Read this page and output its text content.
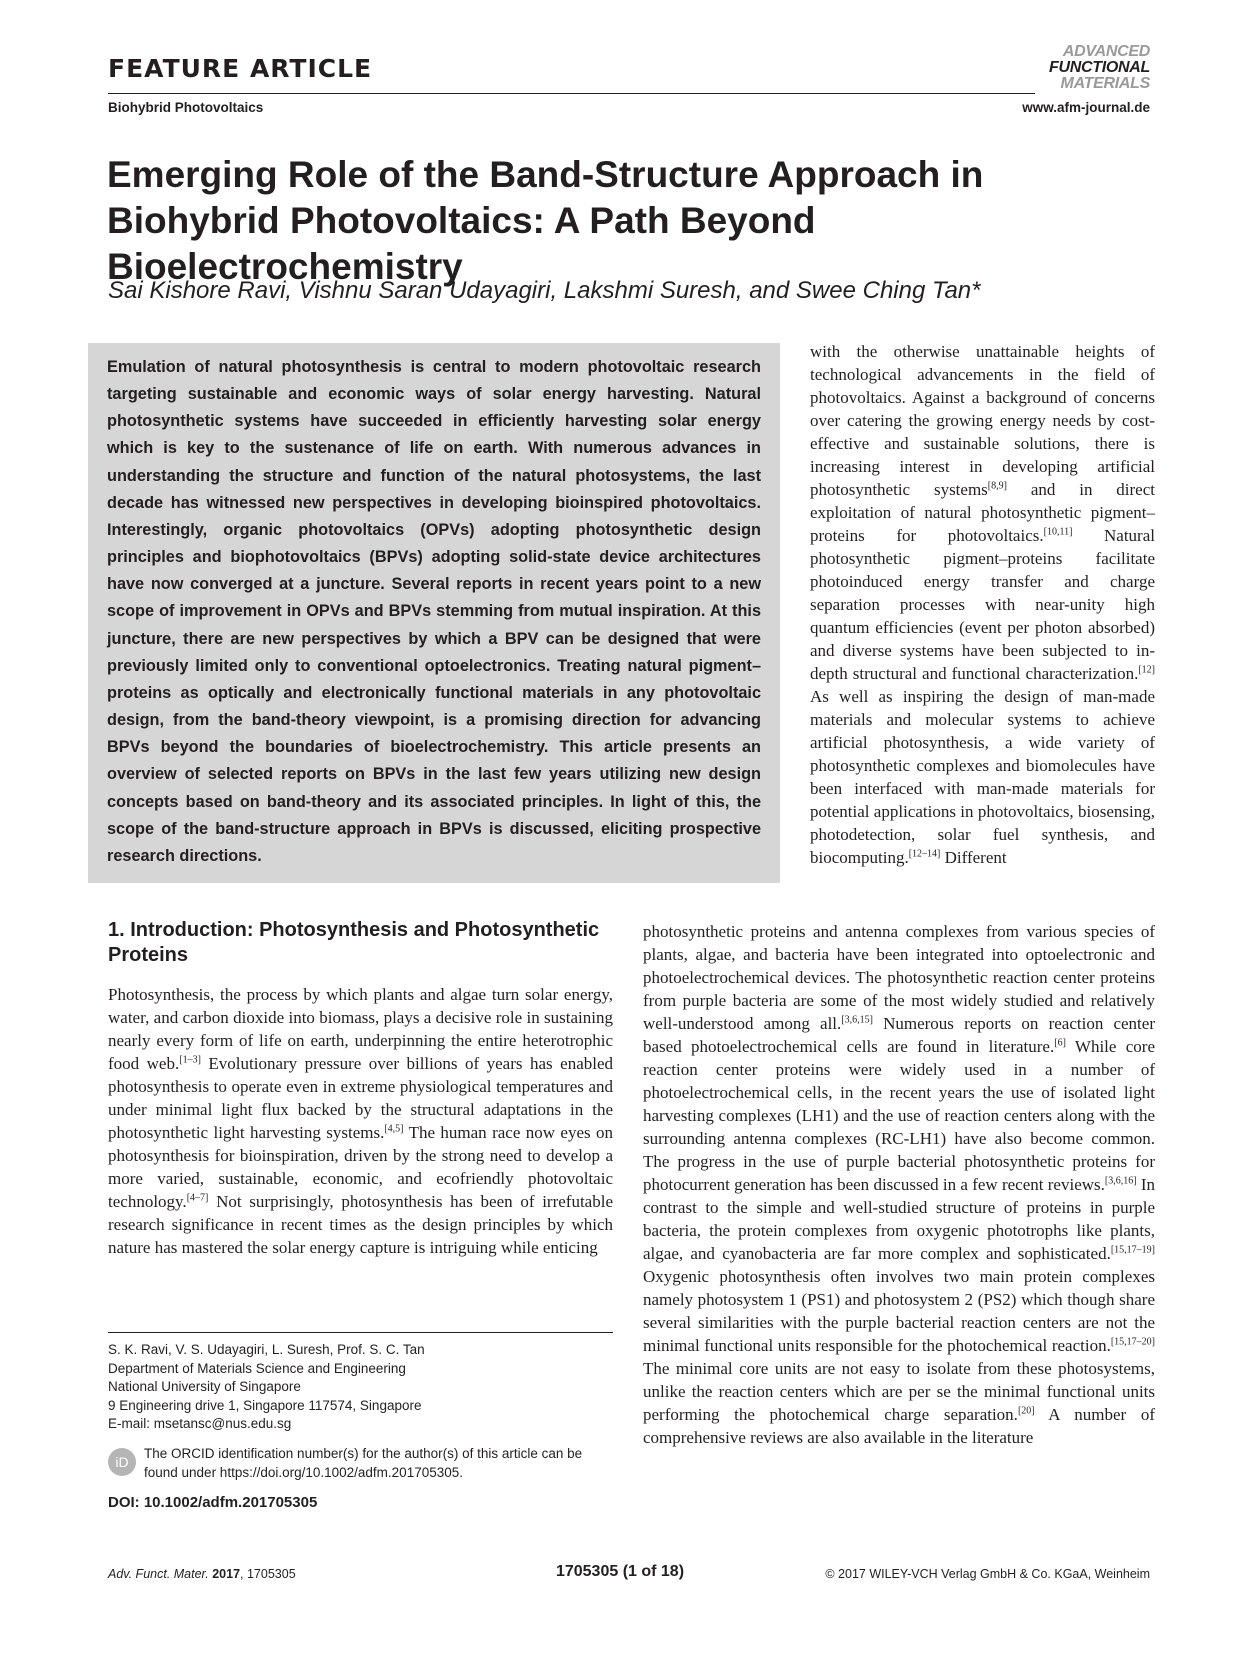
FEATURE ARTICLE
Biohybrid Photovoltaics
ADVANCED
FUNCTIONAL
MATERIALS
www.afm-journal.de
Emerging Role of the Band-Structure Approach in Biohybrid Photovoltaics: A Path Beyond Bioelectrochemistry
Sai Kishore Ravi, Vishnu Saran Udayagiri, Lakshmi Suresh, and Swee Ching Tan*

Emulation of natural photosynthesis is central to modern photovoltaic research targeting sustainable and economic ways of solar energy harvesting. Natural photosynthetic systems have succeeded in efficiently harvesting solar energy which is key to the sustenance of life on earth. With numerous advances in understanding the structure and function of the natural photosystems, the last decade has witnessed new perspectives in developing bioinspired photovoltaics. Interestingly, organic photovoltaics (OPVs) adopting photosynthetic design principles and biophotovoltaics (BPVs) adopting solid-state device architectures have now converged at a juncture. Several reports in recent years point to a new scope of improvement in OPVs and BPVs stemming from mutual inspiration. At this juncture, there are new perspectives by which a BPV can be designed that were previously limited only to conventional optoelectronics. Treating natural pigment–proteins as optically and electronically functional materials in any photovoltaic design, from the band-theory viewpoint, is a promising direction for advancing BPVs beyond the boundaries of bioelectrochemistry. This article presents an overview of selected reports on BPVs in the last few years utilizing new design concepts based on band-theory and its associated principles. In light of this, the scope of the band-structure approach in BPVs is discussed, eliciting prospective research directions.

with the otherwise unattainable heights of technological advancements in the field of photovoltaics. Against a background of concerns over catering the growing energy needs by cost-effective and sustainable solutions, there is increasing interest in developing artificial photosynthetic systems[8,9] and in direct exploitation of natural photosynthetic pigment–proteins for photovoltaics.[10,11] Natural photosynthetic pigment–proteins facilitate photoinduced energy transfer and charge separation processes with near-unity high quantum efficiencies (event per photon absorbed) and diverse systems have been subjected to in-depth structural and functional characterization.[12] As well as inspiring the design of man-made materials and molecular systems to achieve artificial photosynthesis, a wide variety of photosynthetic complexes and biomolecules have been interfaced with man-made materials for potential applications in photovoltaics, biosensing, photodetection, solar fuel synthesis, and biocomputing.[12–14] Different

photosynthetic proteins and antenna complexes from various species of plants, algae, and bacteria have been integrated into optoelectronic and photoelectrochemical devices. The photosynthetic reaction center proteins from purple bacteria are some of the most widely studied and relatively well-understood among all.[3,6,15] Numerous reports on reaction center based photoelectrochemical cells are found in literature.[6] While core reaction center proteins were widely used in a number of photoelectrochemical cells, in the recent years the use of isolated light harvesting complexes (LH1) and the use of reaction centers along with the surrounding antenna complexes (RC-LH1) have also become common. The progress in the use of purple bacterial photosynthetic proteins for photocurrent generation has been discussed in a few recent reviews.[3,6,16] In contrast to the simple and well-studied structure of proteins in purple bacteria, the protein complexes from oxygenic phototrophs like plants, algae, and cyanobacteria are far more complex and sophisticated.[15,17–19] Oxygenic photosynthesis often involves two main protein complexes namely photosystem 1 (PS1) and photosystem 2 (PS2) which though share several similarities with the purple bacterial reaction centers are not the minimal functional units responsible for the photochemical reaction.[15,17–20] The minimal core units are not easy to isolate from these photosystems, unlike the reaction centers which are per se the minimal functional units performing the photochemical charge separation.[20] A number of comprehensive reviews are also available in the literature

1. Introduction: Photosynthesis and Photosynthetic Proteins

Photosynthesis, the process by which plants and algae turn solar energy, water, and carbon dioxide into biomass, plays a decisive role in sustaining nearly every form of life on earth, underpinning the entire heterotrophic food web.[1–3] Evolutionary pressure over billions of years has enabled photosynthesis to operate even in extreme physiological temperatures and under minimal light flux backed by the structural adaptations in the photosynthetic light harvesting systems.[4,5] The human race now eyes on photosynthesis for bioinspiration, driven by the strong need to develop a more varied, sustainable, economic, and ecofriendly photovoltaic technology.[4–7] Not surprisingly, photosynthesis has been of irrefutable research significance in recent times as the design principles by which nature has mastered the solar energy capture is intriguing while enticing

S. K. Ravi, V. S. Udayagiri, L. Suresh, Prof. S. C. Tan
Department of Materials Science and Engineering
National University of Singapore
9 Engineering drive 1, Singapore 117574, Singapore
E-mail: msetansc@nus.edu.sg
iD
The ORCID identification number(s) for the author(s) of this article can be found under https://doi.org/10.1002/adfm.201705305.
DOI: 10.1002/adfm.201705305
Adv. Funct. Mater. 2017, 1705305	1705305 (1 of 18)	© 2017 WILEY-VCH Verlag GmbH & Co. KGaA, Weinheim
